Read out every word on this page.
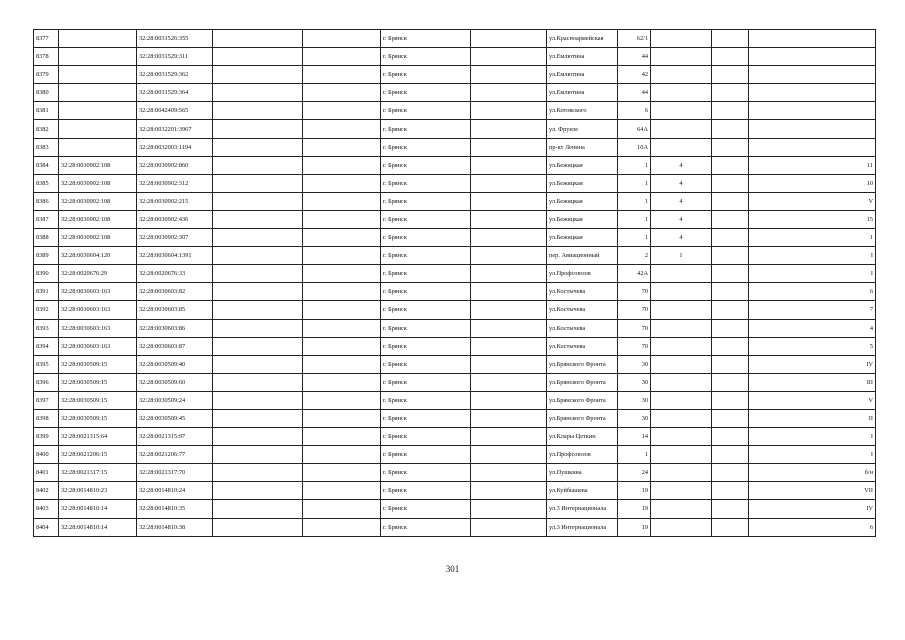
8377		32:28:0031526:355			г. Брянск		ул.Красноармейская	62/1			
8378		32:28:0031529:311			г. Брянск		ул.Емлютина	44			
8379		32:28:0031529:362			г. Брянск		ул.Емлютина	42			
8380		32:28:0031529:364			г. Брянск		ул.Емлютина	44			
8381		32:28:0042409:565			г. Брянск		ул.Котовского	6			
8382		32:28:0032201:3967			г. Брянск		ул. Фрунзе	64А			
8383		32:28:0032003:1194			г. Брянск		пр-кт Ленина	10А			
8384	32:28:0030902:108	32:28:0030902:860			г. Брянск		ул.Бежицкая	1	4		11
8385	32:28:0030902:108	32:28:0030902:312			г. Брянск		ул.Бежицкая	1	4		10
8386	32:28:0030902:108	32:28:0030902:215			г. Брянск		ул.Бежицкая	1	4		V
8387	32:28:0030902:108	32:28:0030902:436			г. Брянск		ул.Бежицкая	1	4		15
8388	32:28:0030902:108	32:28:0030902:307			г. Брянск		ул.Бежицкая	1	4		1
8389	32:28:0030604:120	32:28:0030604:1391			г. Брянск		пер. Авиационный	2	1		I
8390	32:28:0020676:29	32:28:0020676:33			г. Брянск		ул.Профсоюзов	42А			I
8391	32:28:0030603:163	32:28:0030603:82			г. Брянск		ул.Костычева	70			6
8392	32:28:0030603:163	32:28:0030603:85			г. Брянск		ул.Костычева	70			7
8393	32:28:0030603:163	32:28:0030603:86			г. Брянск		ул.Костычева	70			4
8394	32:28:0030603:163	32:28:0030603:87			г. Брянск		ул.Костычева	70			5
8395	32:28:0030509:15	32:28:0030509:40			г. Брянск		ул.Брянского Фронта	30			IV
8396	32:28:0030509:15	32:28:0030509:60			г. Брянск		ул.Брянского Фронта	30			III
8397	32:28:0030509:15	32:28:0030509:24			г. Брянск		ул.Брянского Фронта	30			V
8398	32:28:0030509:15	32:28:0030509:45			г. Брянск		ул.Брянского Фронта	30			II
8399	32:28:0021315:64	32:28:0021315:97			г. Брянск		ул.Клары Цеткин	14			I
8400	32:28:0021206:15	32:28:0021206:77			г. Брянск		ул.Профсоюзов	1			I
8401	32:28:0021317:15	32:28:0021317:70			г. Брянск		ул.Пушкина	24			б/н
8402	32:28:0014810:23	32:28:0014810:24			г. Брянск		ул.Куйбышева	19			VII
8403	32:28:0014810:14	32:28:0014810:35			г. Брянск		ул.3 Интернационала	19			IV
8404	32:28:0014810:14	32:28:0014810:38			г. Брянск		ул.3 Интернационала	19			6
301
